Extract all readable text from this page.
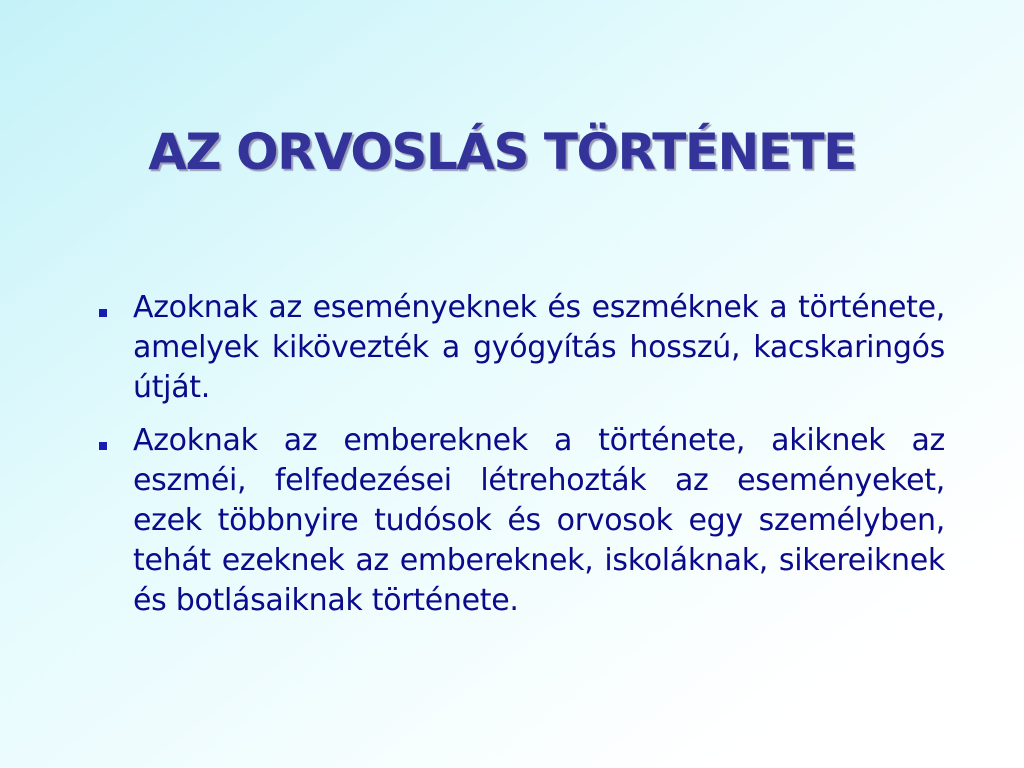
AZ ORVOSLÁS TÖRTÉNETE
Azoknak az eseményeknek és eszméknek a története, amelyek kikövezték a gyógyítás hosszú, kacskaringós útját.
Azoknak az embereknek a története, akiknek az eszméi, felfedezései létrehozták az eseményeket, ezek többnyire tudósok és orvosok egy személyben, tehát ezeknek az embereknek, iskoláknak, sikereiknek és botlásaiknak története.
